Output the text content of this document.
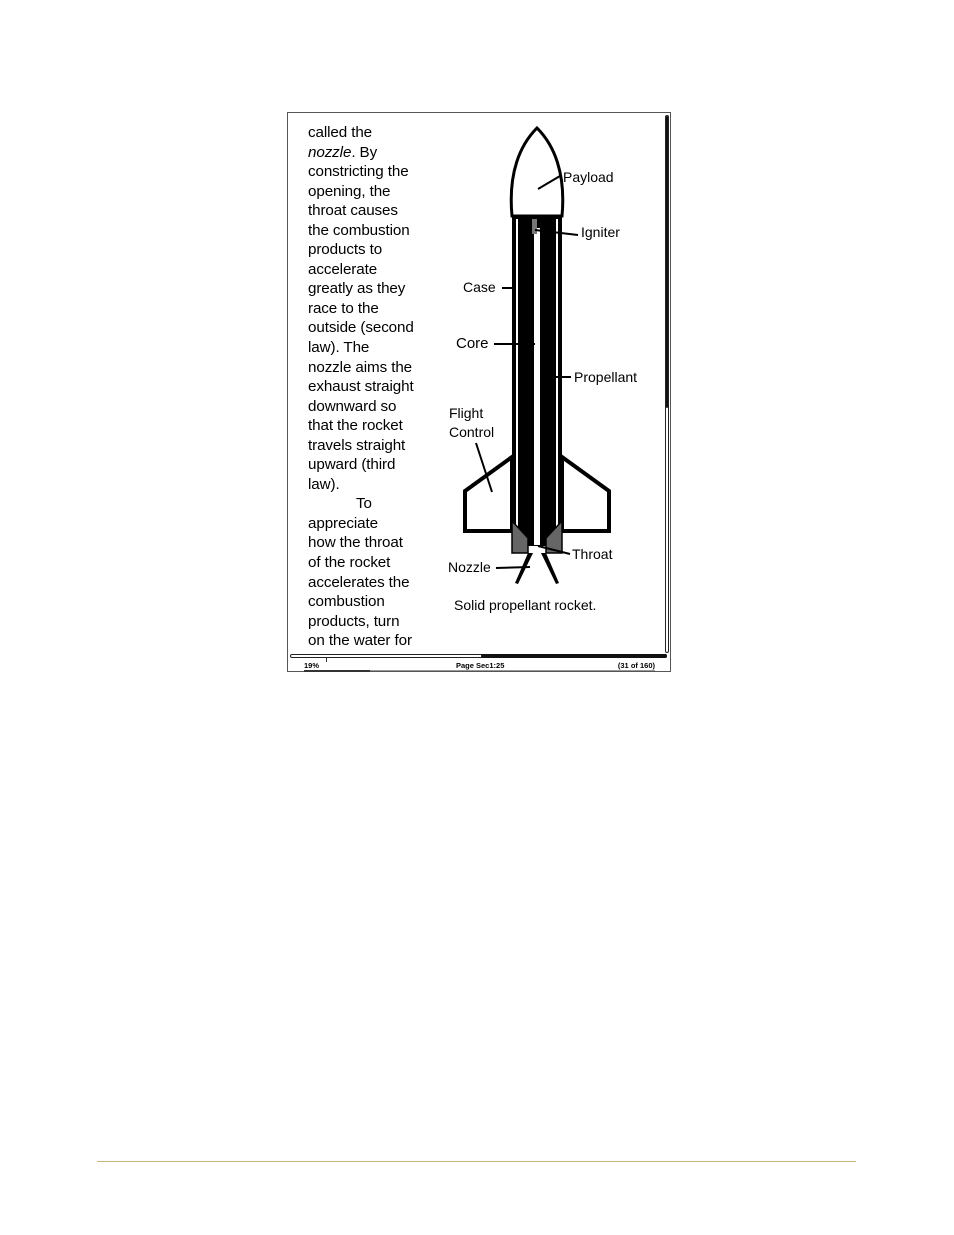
called the
nozzle. By
constricting the
opening, the
throat causes
the combustion
products to
accelerate
greatly as they
race to the
outside (second
law). The
nozzle aims the
exhaust straight
downward so
that the rocket
travels straight
upward (third
law).
To
appreciate
how the throat
of the rocket
accelerates the
combustion
products, turn
on the water for
Payload
Igniter
Case
Core
Propellant
Flight
Control
Throat
Nozzle
Solid propellant rocket.
19%	Page Sec1:25	(31 of 160)
